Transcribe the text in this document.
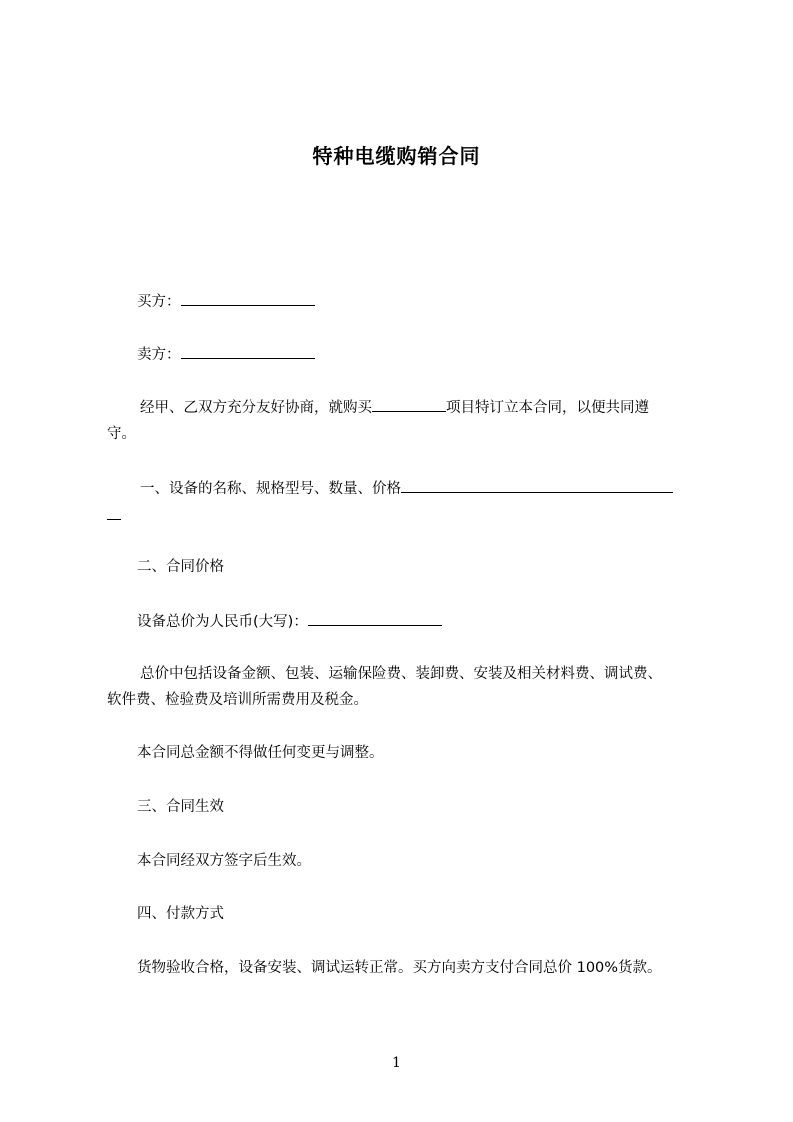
特种电缆购销合同
买方：
卖方：
经甲、乙双方充分友好协商，就购买	项目特订立本合同，以便共同遵
守。
一、设备的名称、规格型号、数量、价格
二、合同价格
设备总价为人民币(大写)：
总价中包括设备金额、包装、运输保险费、装卸费、安装及相关材料费、调试费、
软件费、检验费及培训所需费用及税金。
本合同总金额不得做任何变更与调整。
三、合同生效
本合同经双方签字后生效。
四、付款方式
货物验收合格，设备安装、调试运转正常。买方向卖方支付合同总价 100%货款。
1
